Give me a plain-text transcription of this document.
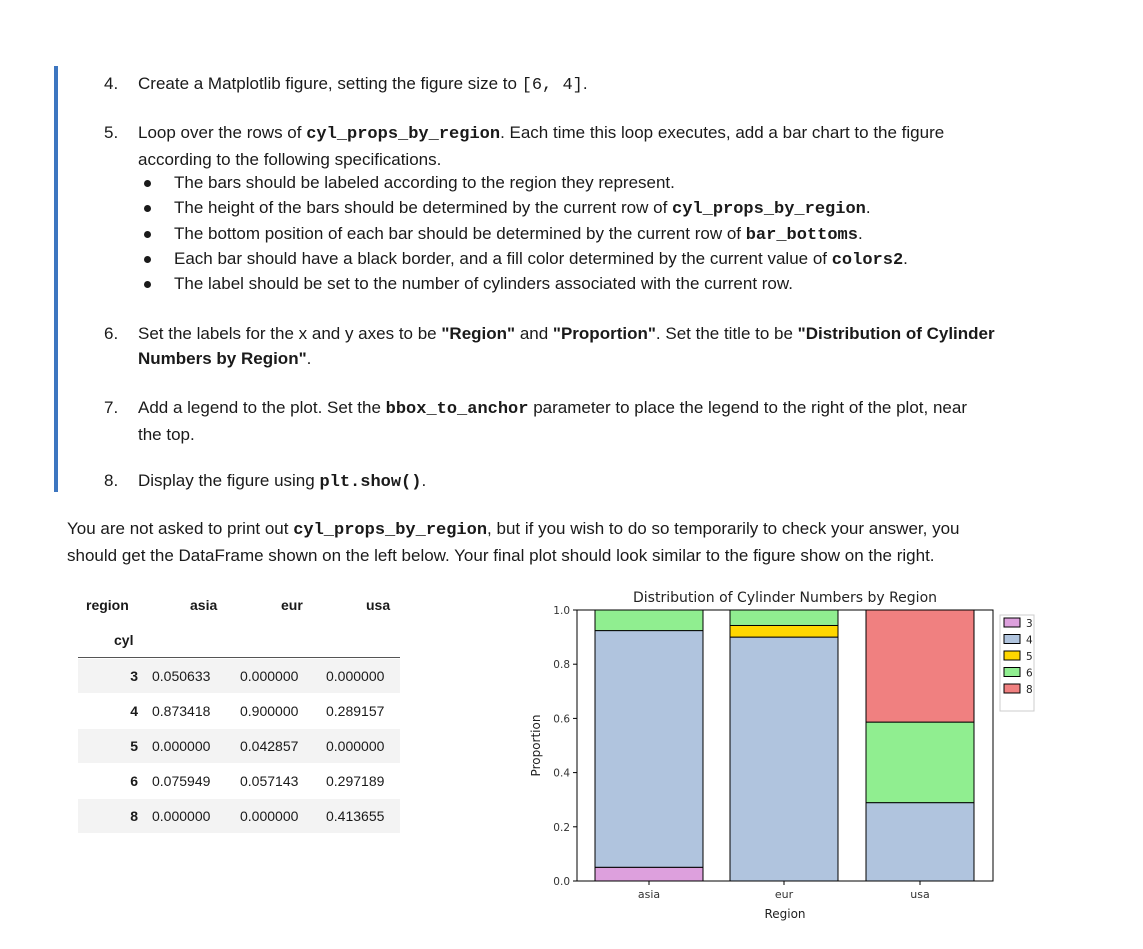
4.	Create a Matplotlib figure, setting the figure size to [6, 4].
5.	Loop over the rows of cyl_props_by_region. Each time this loop executes, add a bar chart to the figure
according to the following specifications.
The bars should be labeled according to the region they represent.
The height of the bars should be determined by the current row of cyl_props_by_region.
The bottom position of each bar should be determined by the current row of bar_bottoms.
Each bar should have a black border, and a fill color determined by the current value of colors2.
The label should be set to the number of cylinders associated with the current row.
6.	Set the labels for the x and y axes to be "Region" and "Proportion". Set the title to be "Distribution of Cylinder
Numbers by Region".
7.	Add a legend to the plot. Set the bbox_to_anchor parameter to place the legend to the right of the plot, near
the top.
8.	Display the figure using plt.show().
You are not asked to print out cyl_props_by_region, but if you wish to do so temporarily to check your answer, you
should get the DataFrame shown on the left below. Your final plot should look similar to the figure show on the right.
region	asia	eur	usa
cyl
3 0.050633 0.000000 0.000000
4 0.873418 0.900000 0.289157
5 0.000000 0.042857 0.000000
6 0.075949 0.057143 0.297189
8 0.000000 0.000000 0.413655
asia	eur	usa
0.0
0.2
0.4
0.6
0.8
1.0
Distribution of Cylinder Numbers by Region
Region
Proportion
3
4
5
6
8
